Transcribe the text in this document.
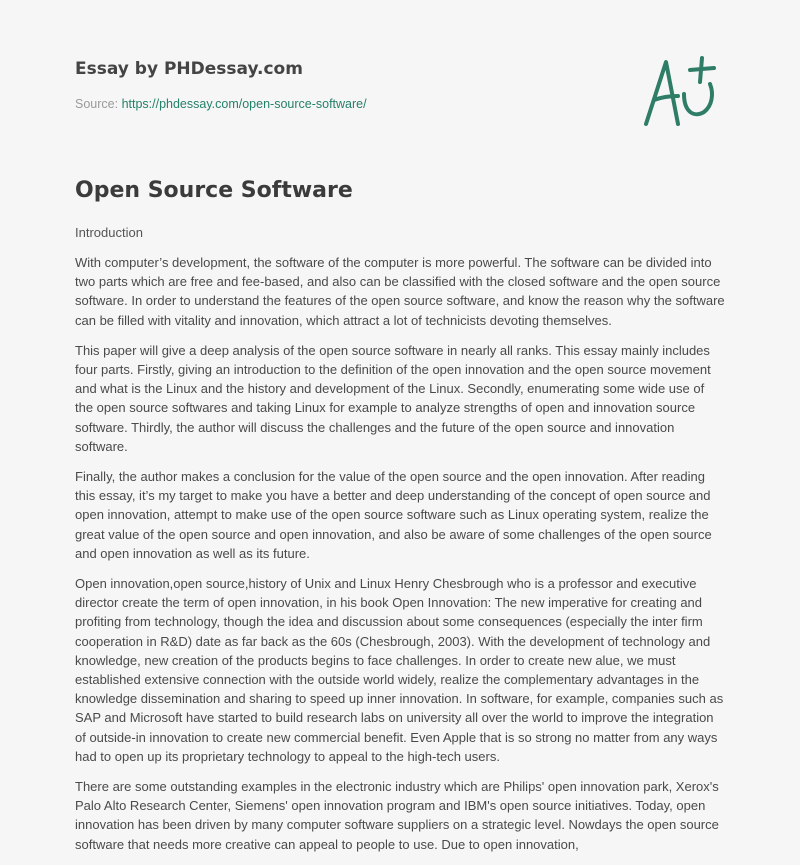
Essay by PHDessay.com
Source: https://phdessay.com/open-source-software/
Open Source Software

Introduction

With computer’s development, the software of the computer is more powerful. The software can be divided into two parts which are free and fee-based, and also can be classified with the closed software and the open source software. In order to understand the features of the open source software, and know the reason why the software can be filled with vitality and innovation, which attract a lot of technicists devoting themselves.

This paper will give a deep analysis of the open source software in nearly all ranks. This essay mainly includes four parts. Firstly, giving an introduction to the definition of the open innovation and the open source movement and what is the Linux and the history and development of the Linux. Secondly, enumerating some wide use of the open source softwares and taking Linux for example to analyze strengths of open and innovation source software. Thirdly, the author will discuss the challenges and the future of the open source and innovation software.

Finally, the author makes a conclusion for the value of the open source and the open innovation. After reading this essay, it’s my target to make you have a better and deep understanding of the concept of open source and open innovation, attempt to make use of the open source software such as Linux operating system, realize the great value of the open source and open innovation, and also be aware of some challenges of the open source and open innovation as well as its future.

Open innovation,open source,history of Unix and Linux Henry Chesbrough who is a professor and executive director create the term of open innovation, in his book Open Innovation: The new imperative for creating and profiting from technology, though the idea and discussion about some consequences (especially the inter firm cooperation in R&D) date as far back as the 60s (Chesbrough, 2003). With the development of technology and knowledge, new creation of the products begins to face challenges. In order to create new alue, we must established extensive connection with the outside world widely, realize the complementary advantages in the knowledge dissemination and sharing to speed up inner innovation. In software, for example, companies such as SAP and Microsoft have started to build research labs on university all over the world to improve the integration of outside-in innovation to create new commercial benefit. Even Apple that is so strong no matter from any ways had to open up its proprietary technology to appeal to the high-tech users.

There are some outstanding examples in the electronic industry which are Philips' open innovation park, Xerox's Palo Alto Research Center, Siemens' open innovation program and IBM's open source initiatives. Today, open innovation has been driven by many computer software suppliers on a strategic level. Nowdays the open source software that needs more creative can appeal to people to use. Due to open innovation,
